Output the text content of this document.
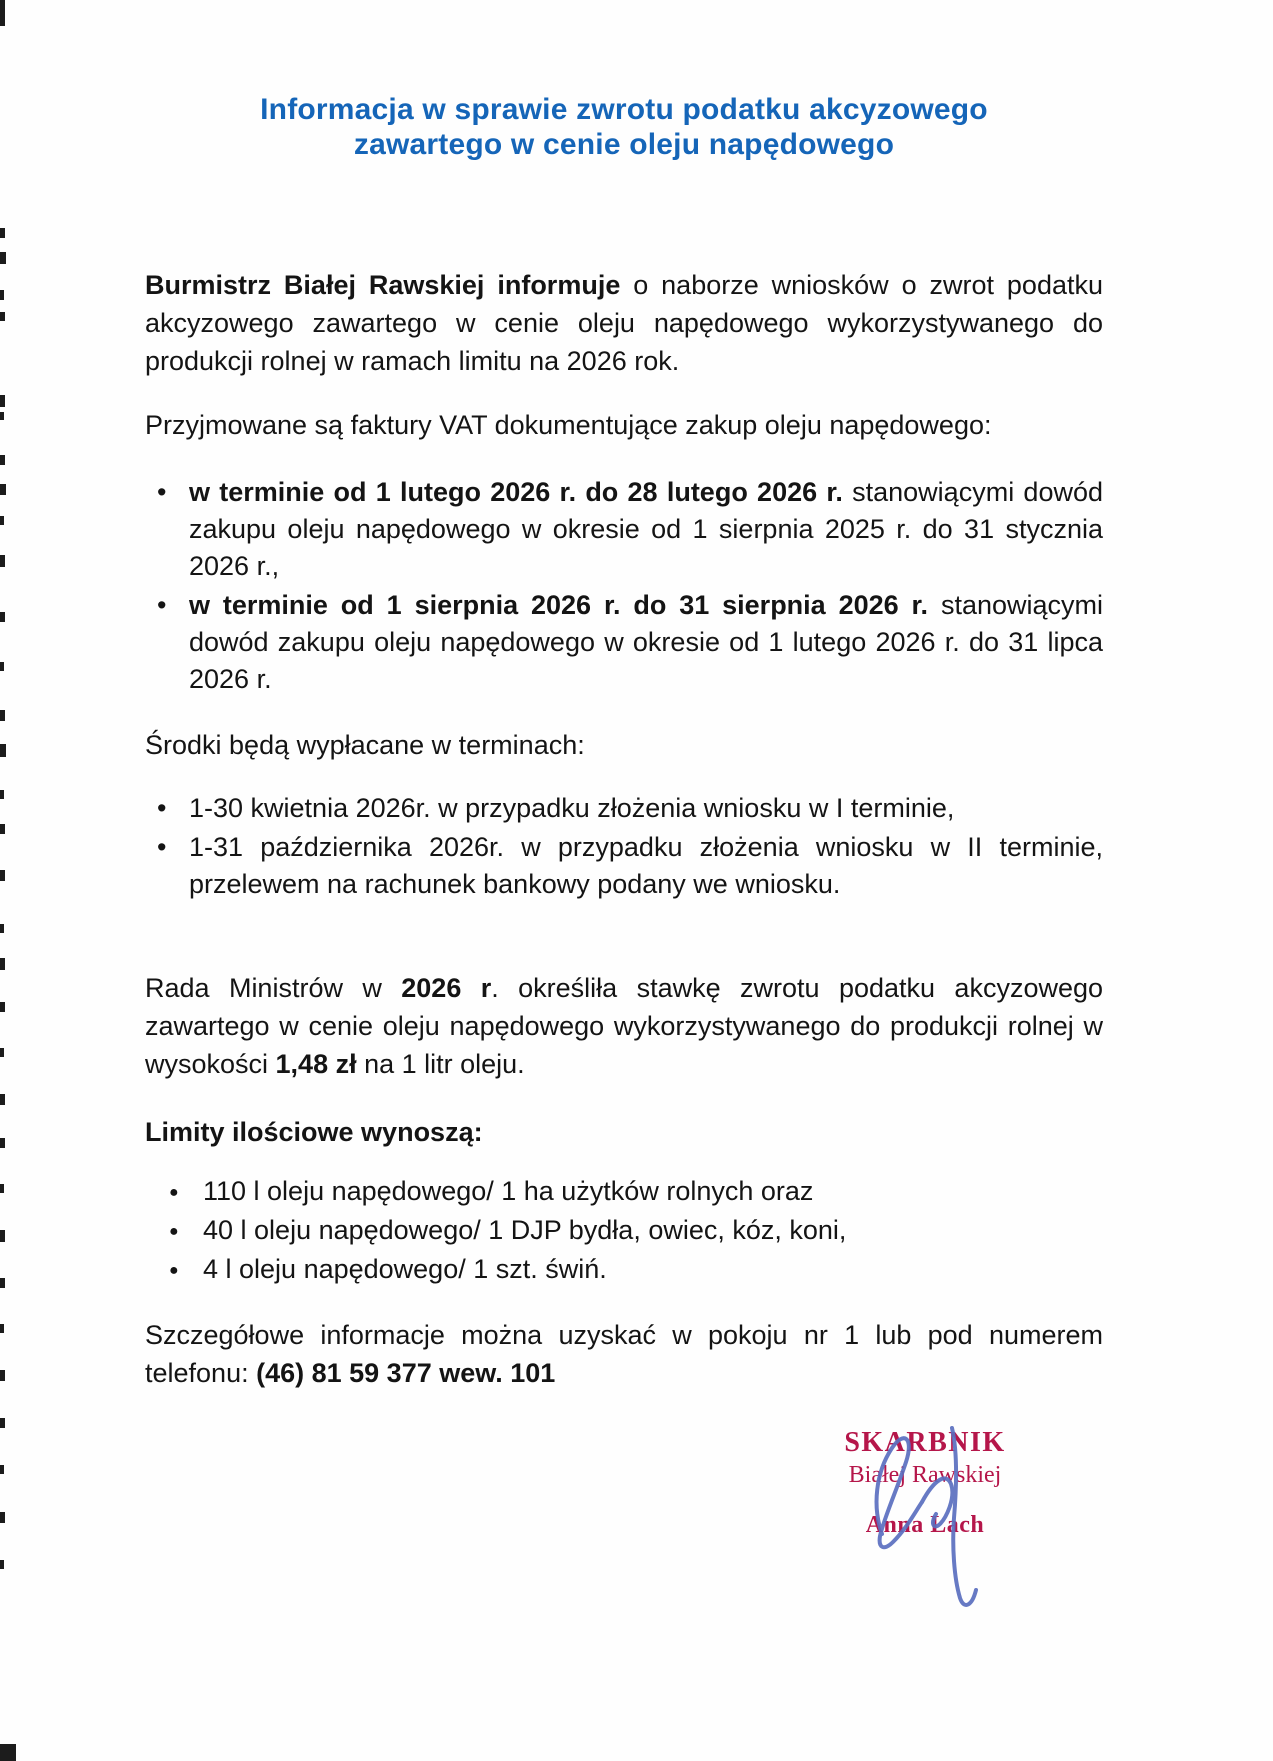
Informacja w sprawie zwrotu podatku akcyzowego
zawartego w cenie oleju napędowego

Burmistrz Białej Rawskiej informuje o naborze wniosków o zwrot podatku akcyzowego zawartego w cenie oleju napędowego wykorzystywanego do produkcji rolnej w ramach limitu na 2026 rok.

Przyjmowane są faktury VAT dokumentujące zakup oleju napędowego:

• w terminie od 1 lutego 2026 r. do 28 lutego 2026 r. stanowiącymi dowód zakupu oleju napędowego w okresie od 1 sierpnia 2025 r. do 31 stycznia 2026 r.,
• w terminie od 1 sierpnia 2026 r. do 31 sierpnia 2026 r. stanowiącymi dowód zakupu oleju napędowego w okresie od 1 lutego 2026 r. do 31 lipca 2026 r.

Środki będą wypłacane w terminach:

• 1-30 kwietnia 2026r. w przypadku złożenia wniosku w I terminie,
• 1-31 października 2026r. w przypadku złożenia wniosku w II terminie, przelewem na rachunek bankowy podany we wniosku.

Rada Ministrów w 2026 r. określiła stawkę zwrotu podatku akcyzowego zawartego w cenie oleju napędowego wykorzystywanego do produkcji rolnej w wysokości 1,48 zł na 1 litr oleju.

Limity ilościowe wynoszą:

● 110 l oleju napędowego/ 1 ha użytków rolnych oraz
● 40 l oleju napędowego/ 1 DJP bydła, owiec, kóz, koni,
● 4 l oleju napędowego/ 1 szt. świń.

Szczegółowe informacje można uzyskać w pokoju nr 1 lub pod numerem telefonu: (46) 81 59 377 wew. 101

SKARBNIK
Białej Rawskiej
Anna Lach
